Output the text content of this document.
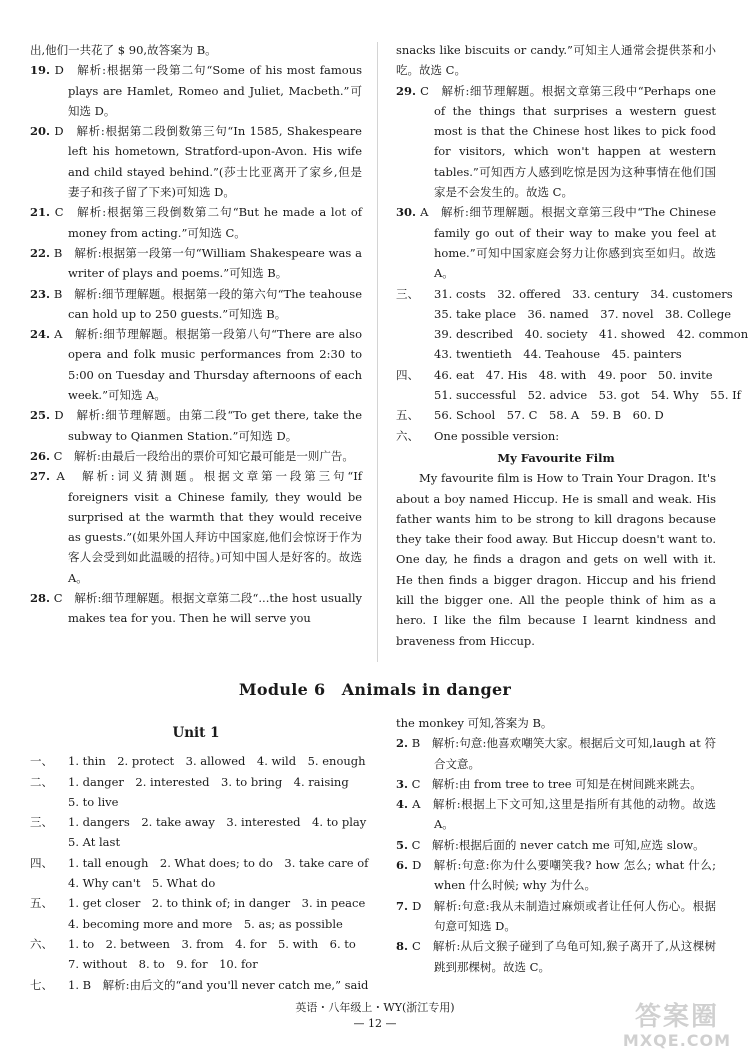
出,他们一共花了 $ 90,故答案为 B。
19. D　解析:根据第一段第二句“Some of his most famous plays are Hamlet, Romeo and Juliet, Macbeth.”可知选 D。
20. D　解析:根据第二段倒数第三句“In 1585, Shakespeare left his hometown, Stratford-upon-Avon. His wife and child stayed behind.”(莎士比亚离开了家乡,但是妻子和孩子留了下来)可知选 D。
21. C　解析:根据第三段倒数第二句“But he made a lot of money from acting.”可知选 C。
22. B　解析:根据第一段第一句“William Shakespeare was a writer of plays and poems.”可知选 B。
23. B　解析:细节理解题。根据第一段的第六句“The teahouse can hold up to 250 guests.”可知选 B。
24. A　解析:细节理解题。根据第一段第八句“There are also opera and folk music performances from 2:30 to 5:00 on Tuesday and Thursday afternoons of each week.”可知选 A。
25. D　解析:细节理解题。由第二段“To get there, take the subway to Qianmen Station.”可知选 D。
26. C　解析:由最后一段给出的票价可知它最可能是一则广告。
27. A　解析:词义猜测题。根据文章第一段第三句“If foreigners visit a Chinese family, they would be surprised at the warmth that they would receive as guests.”(如果外国人拜访中国家庭,他们会惊讶于作为客人会受到如此温暖的招待。)可知中国人是好客的。故选 A。
28. C　解析:细节理解题。根据文章第二段“...the host usually makes tea for you. Then he will serve you
snacks like biscuits or candy.”可知主人通常会提供茶和小吃。故选 C。
29. C　解析:细节理解题。根据文章第三段中“Perhaps one of the things that surprises a western guest most is that the Chinese host likes to pick food for visitors, which won't happen at western tables.”可知西方人感到吃惊是因为这种事情在他们国家是不会发生的。故选 C。
30. A　解析:细节理解题。根据文章第三段中“The Chinese family go out of their way to make you feel at home.”可知中国家庭会努力让你感到宾至如归。故选 A。
三、 31. costs　32. offered　33. century　34. customers
35. take place　36. named　37. novel　38. College
39. described　40. society　41. showed　42. common
43. twentieth　44. Teahouse　45. painters
四、 46. eat　47. His　48. with　49. poor　50. invite
51. successful　52. advice　53. got　54. Why　55. If
五、 56. School　57. C　58. A　59. B　60. D
六、 One possible version:
My Favourite Film

My favourite film is How to Train Your Dragon. It's about a boy named Hiccup. He is small and weak. His father wants him to be strong to kill dragons because they take their food away. But Hiccup doesn't want to. One day, he finds a dragon and gets on well with it. He then finds a bigger dragon. Hiccup and his friend kill the bigger one. All the people think of him as a hero. I like the film because I learnt kindness and braveness from Hiccup.

Module 6　Animals in danger
Unit 1
一、 1. thin　2. protect　3. allowed　4. wild　5. enough
二、 1. danger　2. interested　3. to bring　4. raising
5. to live
三、 1. dangers　2. take away　3. interested　4. to play
5. At last
四、 1. tall enough　2. What does; to do　3. take care of
4. Why can't　5. What do
五、 1. get closer　2. to think of; in danger　3. in peace
4. becoming more and more　5. as; as possible
六、 1. to　2. between　3. from　4. for　5. with　6. to
7. without　8. to　9. for　10. for
七、 1. B　解析:由后文的“and you'll never catch me,” said
the monkey 可知,答案为 B。
2. B　解析:句意:他喜欢嘲笑大家。根据后文可知,laugh at 符合文意。
3. C　解析:由 from tree to tree 可知是在树间跳来跳去。
4. A　解析:根据上下文可知,这里是指所有其他的动物。故选 A。
5. C　解析:根据后面的 never catch me 可知,应选 slow。
6. D　解析:句意:你为什么要嘲笑我? how 怎么; what 什么; when 什么时候; why 为什么。
7. D　解析:句意:我从未制造过麻烦或者让任何人伤心。根据句意可知选 D。
8. C　解析:从后文猴子碰到了乌龟可知,猴子离开了,从这棵树跳到那棵树。故选 C。
英语・八年级上・WY(浙江专用)
— 12 —	答案圈
MXQE.COM
